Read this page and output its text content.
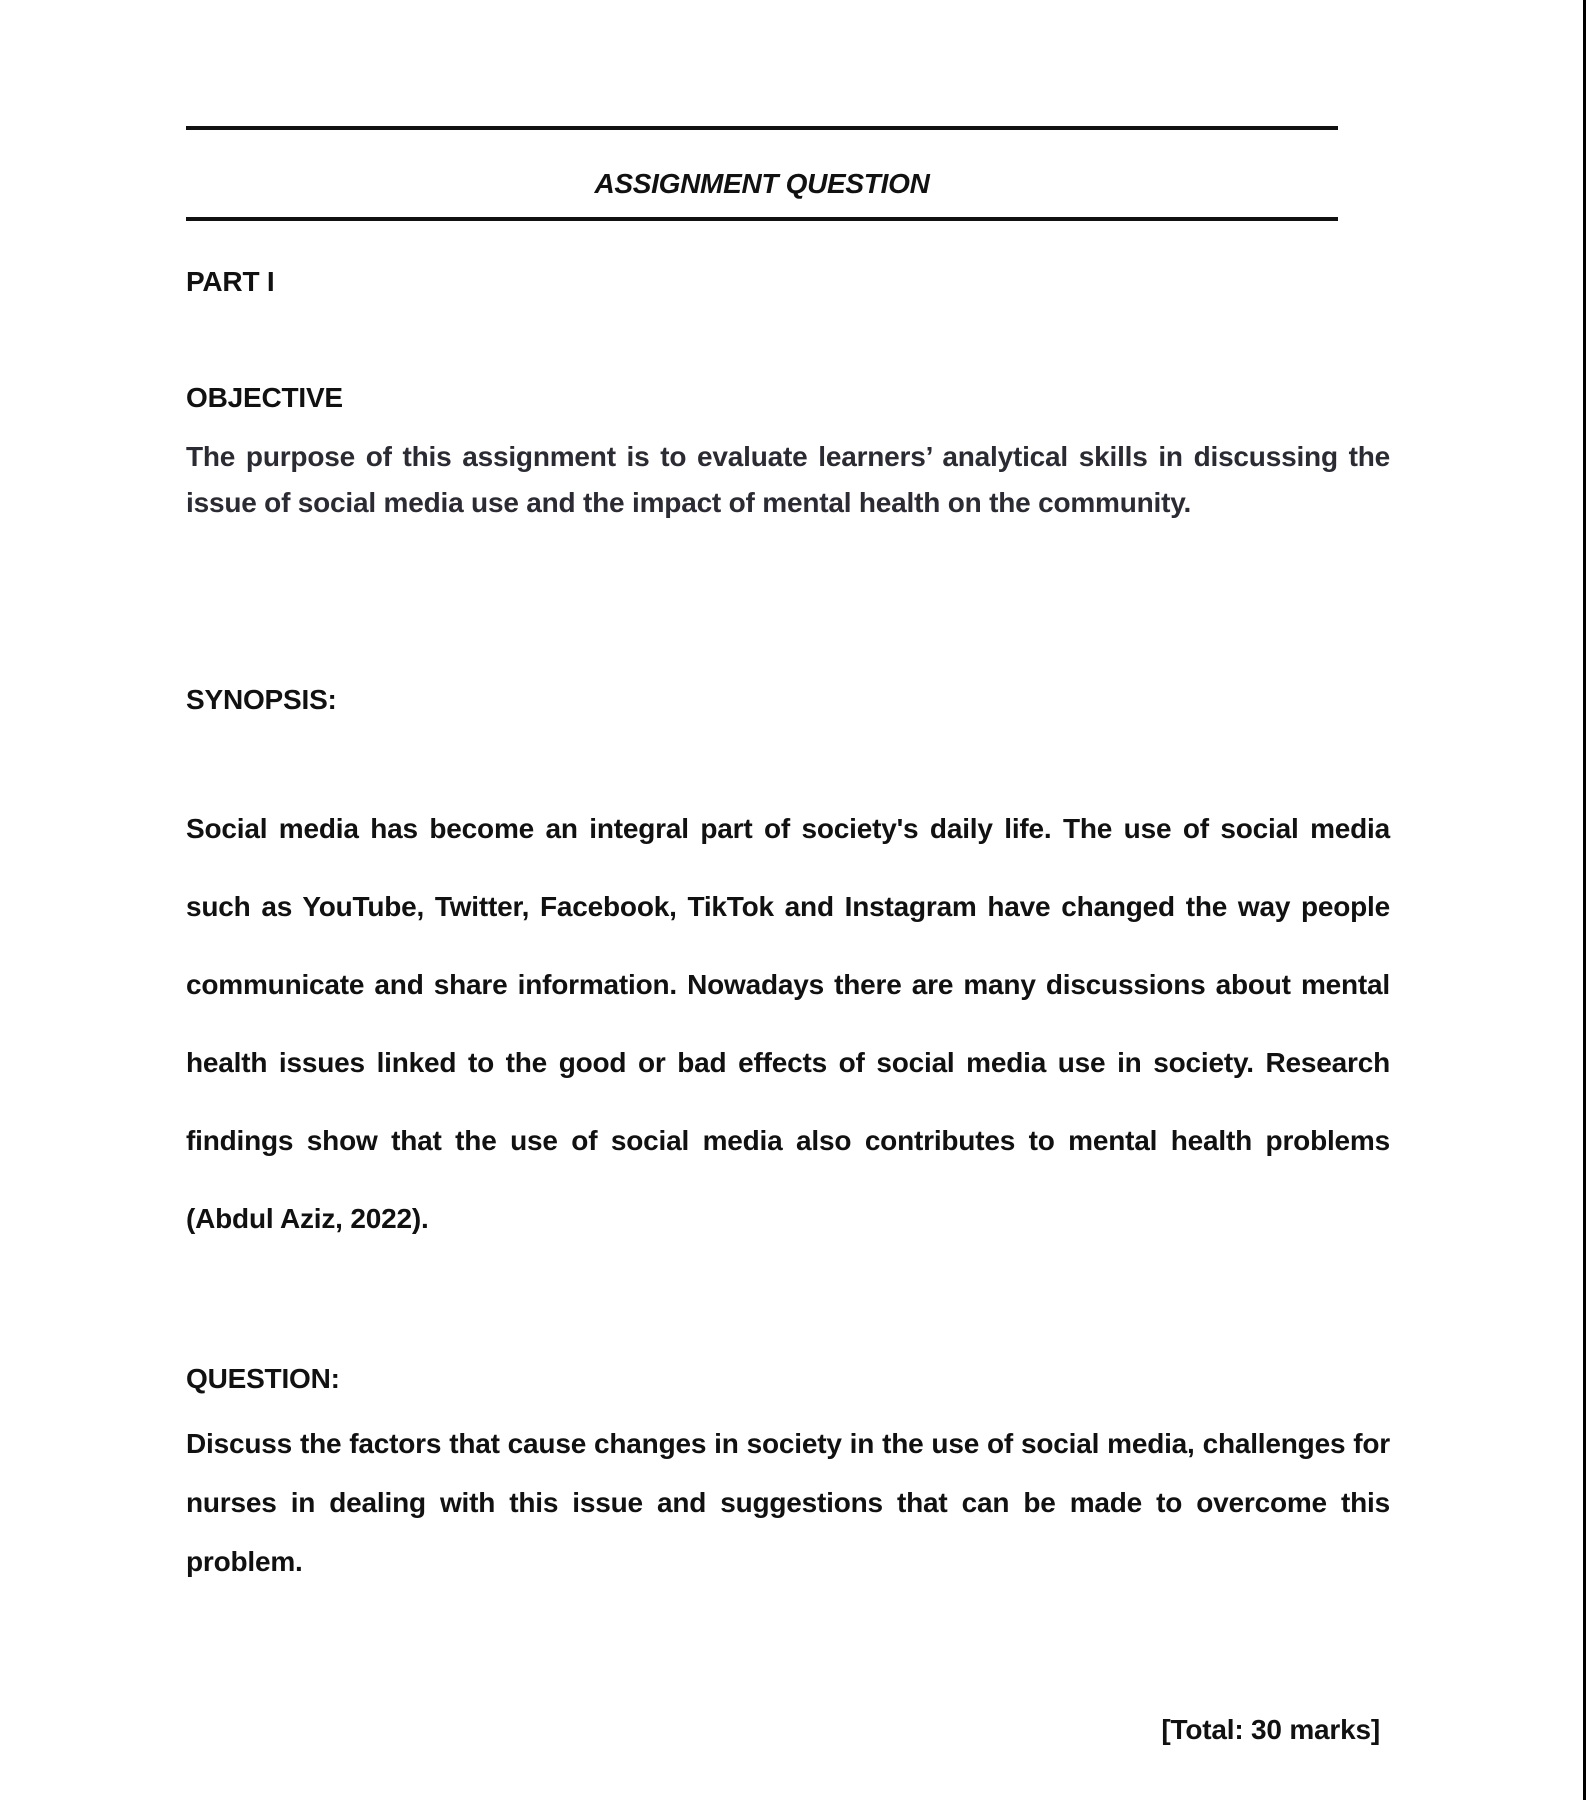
ASSIGNMENT QUESTION
PART I
OBJECTIVE
The purpose of this assignment is to evaluate learners’ analytical skills in discussing the issue of social media use and the impact of mental health on the community.
SYNOPSIS:
Social media has become an integral part of society's daily life. The use of social media such as YouTube, Twitter, Facebook, TikTok and Instagram have changed the way people communicate and share information. Nowadays there are many discussions about mental health issues linked to the good or bad effects of social media use in society. Research findings show that the use of social media also contributes to mental health problems (Abdul Aziz, 2022).
QUESTION:
Discuss the factors that cause changes in society in the use of social media, challenges for nurses in dealing with this issue and suggestions that can be made to overcome this problem.
[Total: 30 marks]
